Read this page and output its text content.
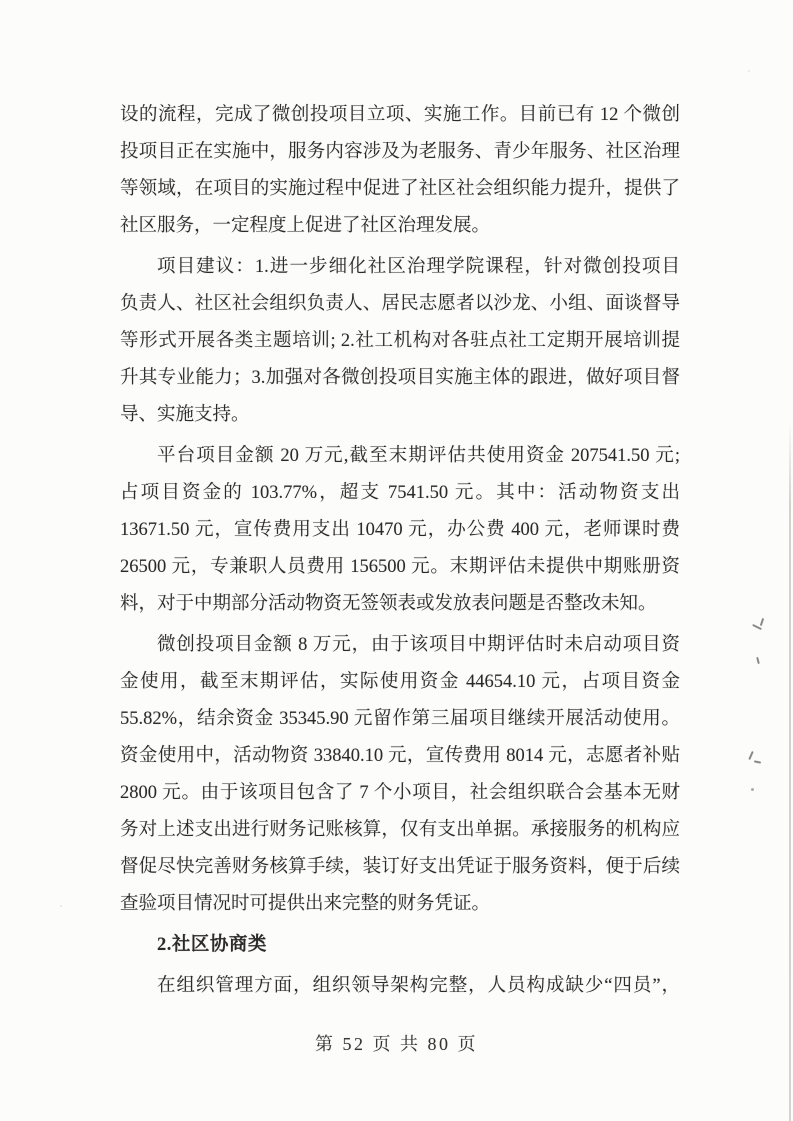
设的流程，完成了微创投项目立项、实施工作。目前已有 12 个微创
投项目正在实施中，服务内容涉及为老服务、青少年服务、社区治理
等领域，在项目的实施过程中促进了社区社会组织能力提升，提供了
社区服务，一定程度上促进了社区治理发展。
项目建议：1.进一步细化社区治理学院课程，针对微创投项目
负责人、社区社会组织负责人、居民志愿者以沙龙、小组、面谈督导
等形式开展各类主题培训; 2.社工机构对各驻点社工定期开展培训提
升其专业能力；3.加强对各微创投项目实施主体的跟进，做好项目督
导、实施支持。
平台项目金额 20 万元,截至末期评估共使用资金 207541.50 元;
占项目资金的 103.77%，超支 7541.50 元。其中：活动物资支出
13671.50 元，宣传费用支出 10470 元，办公费 400 元，老师课时费
26500 元，专兼职人员费用 156500 元。末期评估未提供中期账册资
料，对于中期部分活动物资无签领表或发放表问题是否整改未知。
微创投项目金额 8 万元，由于该项目中期评估时未启动项目资
金使用，截至末期评估，实际使用资金 44654.10 元，占项目资金
55.82%，结余资金 35345.90 元留作第三届项目继续开展活动使用。
资金使用中，活动物资 33840.10 元，宣传费用 8014 元，志愿者补贴
2800 元。由于该项目包含了 7 个小项目，社会组织联合会基本无财
务对上述支出进行财务记账核算，仅有支出单据。承接服务的机构应
督促尽快完善财务核算手续，装订好支出凭证于服务资料，便于后续
查验项目情况时可提供出来完整的财务凭证。
2.社区协商类
在组织管理方面，组织领导架构完整，人员构成缺少“四员”，
第 52 页 共 80 页
